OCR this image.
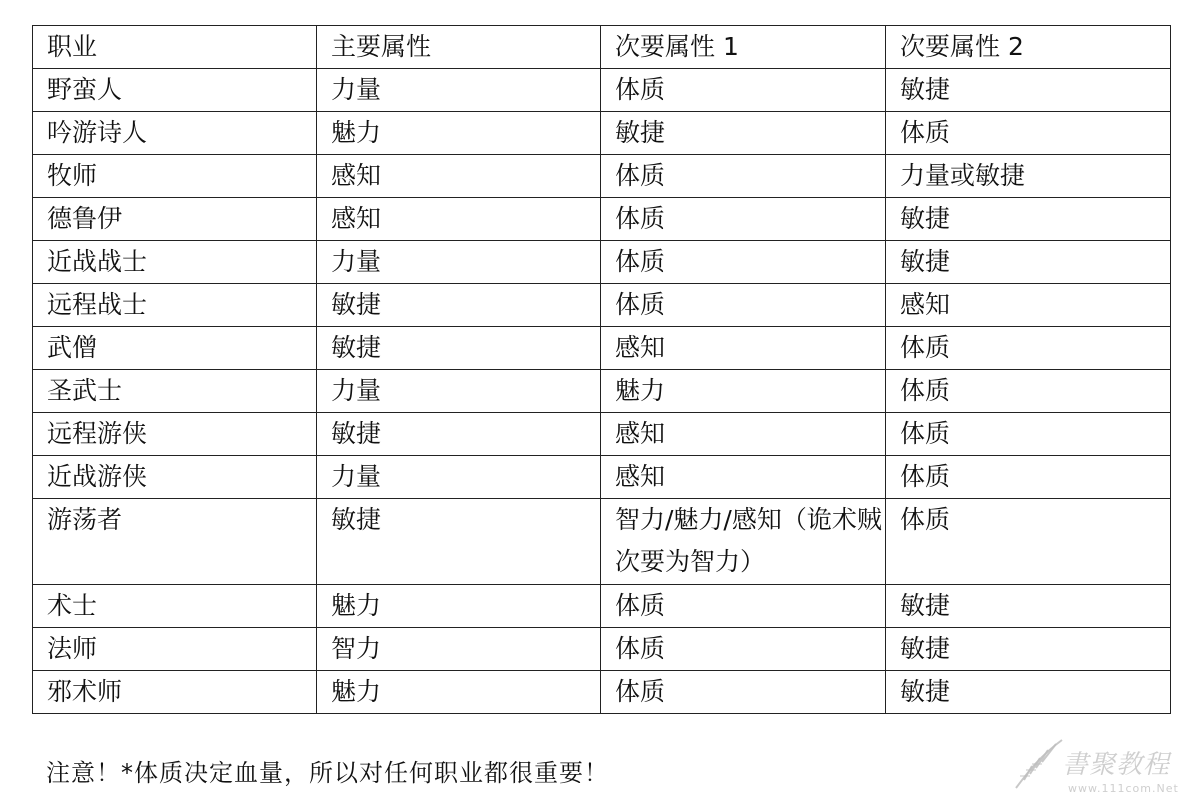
职业	主要属性	次要属性 1	次要属性 2
野蛮人	力量	体质	敏捷
吟游诗人	魅力	敏捷	体质
牧师	感知	体质	力量或敏捷
德鲁伊	感知	体质	敏捷
近战战士	力量	体质	敏捷
远程战士	敏捷	体质	感知
武僧	敏捷	感知	体质
圣武士	力量	魅力	体质
远程游侠	敏捷	感知	体质
近战游侠	力量	感知	体质
游荡者	敏捷	智力/魅力/感知（诡术贼次要为智力）	体质
术士	魅力	体质	敏捷
法师	智力	体质	敏捷
邪术师	魅力	体质	敏捷
注意！*体质决定血量，所以对任何职业都很重要！	書聚教程
www.111com.Net
